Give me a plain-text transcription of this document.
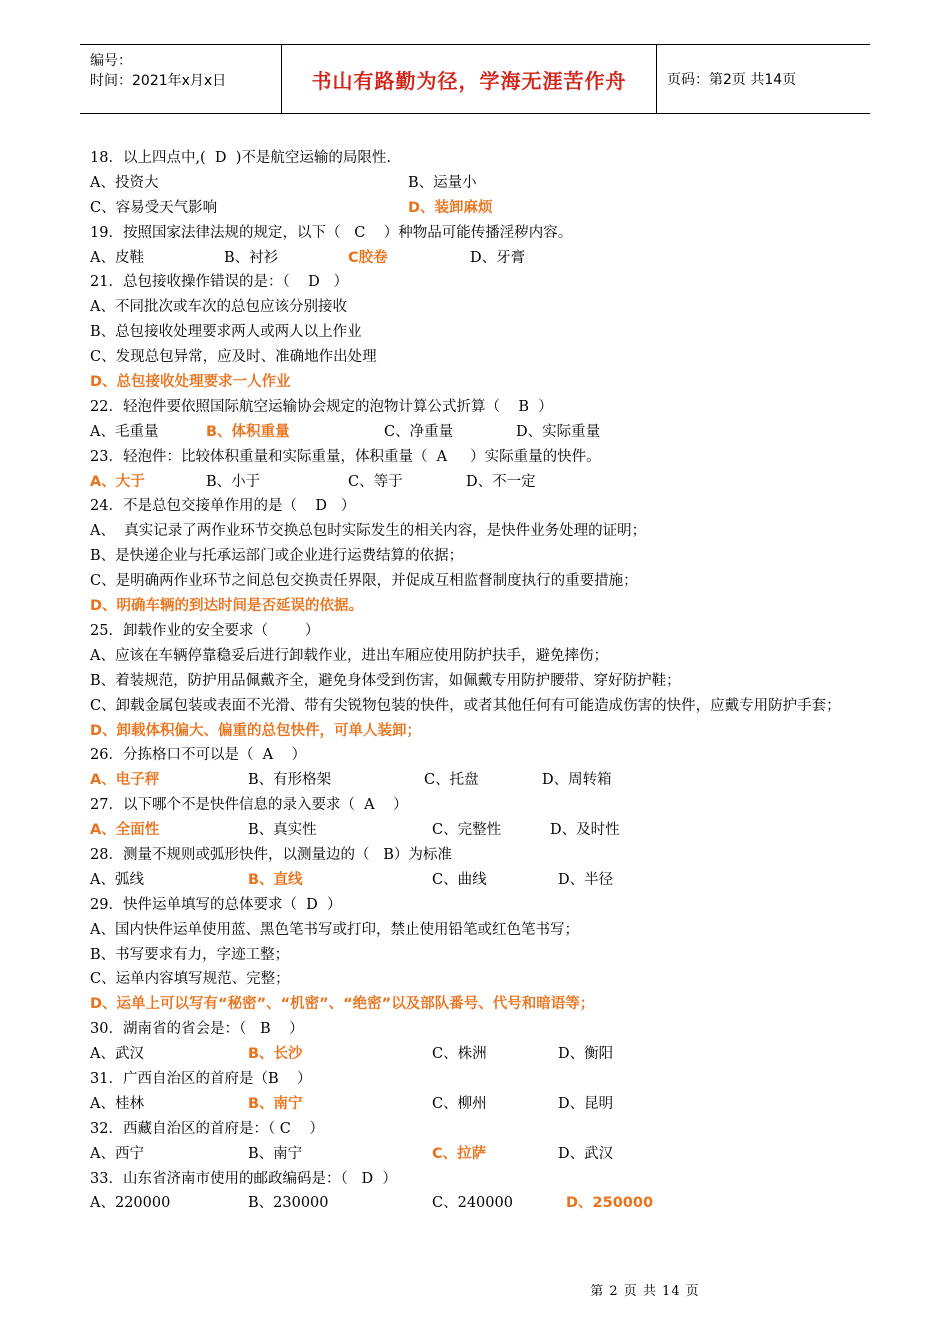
编号：
时间：2021年x月x日	书山有路勤为径，学海无涯苦作舟	页码：第2页 共14页
18．以上四点中,(  D  )不是航空运输的局限性.
A、投资大	B、运量小
C、容易受天气影响	D、装卸麻烦
19．按照国家法律法规的规定，以下（   C    ）种物品可能传播淫秽内容。
A、皮鞋	B、衬衫	C胶卷	D、牙膏
21．总包接收操作错误的是：（    D   ）
A、不同批次或车次的总包应该分别接收
B、总包接收处理要求两人或两人以上作业
C、发现总包异常，应及时、准确地作出处理
D、总包接收处理要求一人作业
22．轻泡件要依照国际航空运输协会规定的泡物计算公式折算（    B  ）
A、毛重量	B、体积重量	C、净重量	D、实际重量
23．轻泡件：比较体积重量和实际重量，体积重量（  A     ）实际重量的快件。
A、大于	B、小于	C、等于	D、不一定
24．不是总包交接单作用的是（    D   ）
A、  真实记录了两作业环节交换总包时实际发生的相关内容，是快件业务处理的证明；
B、是快递企业与托承运部门或企业进行运费结算的依据；
C、是明确两作业环节之间总包交换责任界限，并促成互相监督制度执行的重要措施；
D、明确车辆的到达时间是否延误的依据。
25．卸载作业的安全要求（        ）
A、应该在车辆停靠稳妥后进行卸载作业，进出车厢应使用防护扶手，避免摔伤；
B、着装规范，防护用品佩戴齐全，避免身体受到伤害，如佩戴专用防护腰带、穿好防护鞋；
C、卸载金属包装或表面不光滑、带有尖锐物包装的快件，或者其他任何有可能造成伤害的快件，应戴专用防护手套；
D、卸载体积偏大、偏重的总包快件，可单人装卸；
26．分拣格口不可以是（  A    ）
A、电子秤	B、有形格架	C、托盘	D、周转箱
27．以下哪个不是快件信息的录入要求（  A    ）
A、全面性	B、真实性	C、完整性	D、及时性
28．测量不规则或弧形快件，以测量边的（   B）为标准
A、弧线	B、直线	C、曲线	D、半径
29．快件运单填写的总体要求（  D  ）
A、国内快件运单使用蓝、黑色笔书写或打印，禁止使用铅笔或红色笔书写；
B、书写要求有力，字迹工整；
C、运单内容填写规范、完整；
D、运单上可以写有“秘密”、“机密”、“绝密”以及部队番号、代号和暗语等；
30．湖南省的省会是：（   B    ）
A、武汉	B、长沙	C、株洲	D、衡阳
31．广西自治区的首府是（B    ）
A、桂林	B、南宁	C、柳州	D、昆明
32．西藏自治区的首府是：（ C    ）
A、西宁	B、南宁	C、拉萨	D、武汉
33．山东省济南市使用的邮政编码是：（   D  ）
A、220000	B、230000	C、240000	D、250000
第 2 页 共 14 页
